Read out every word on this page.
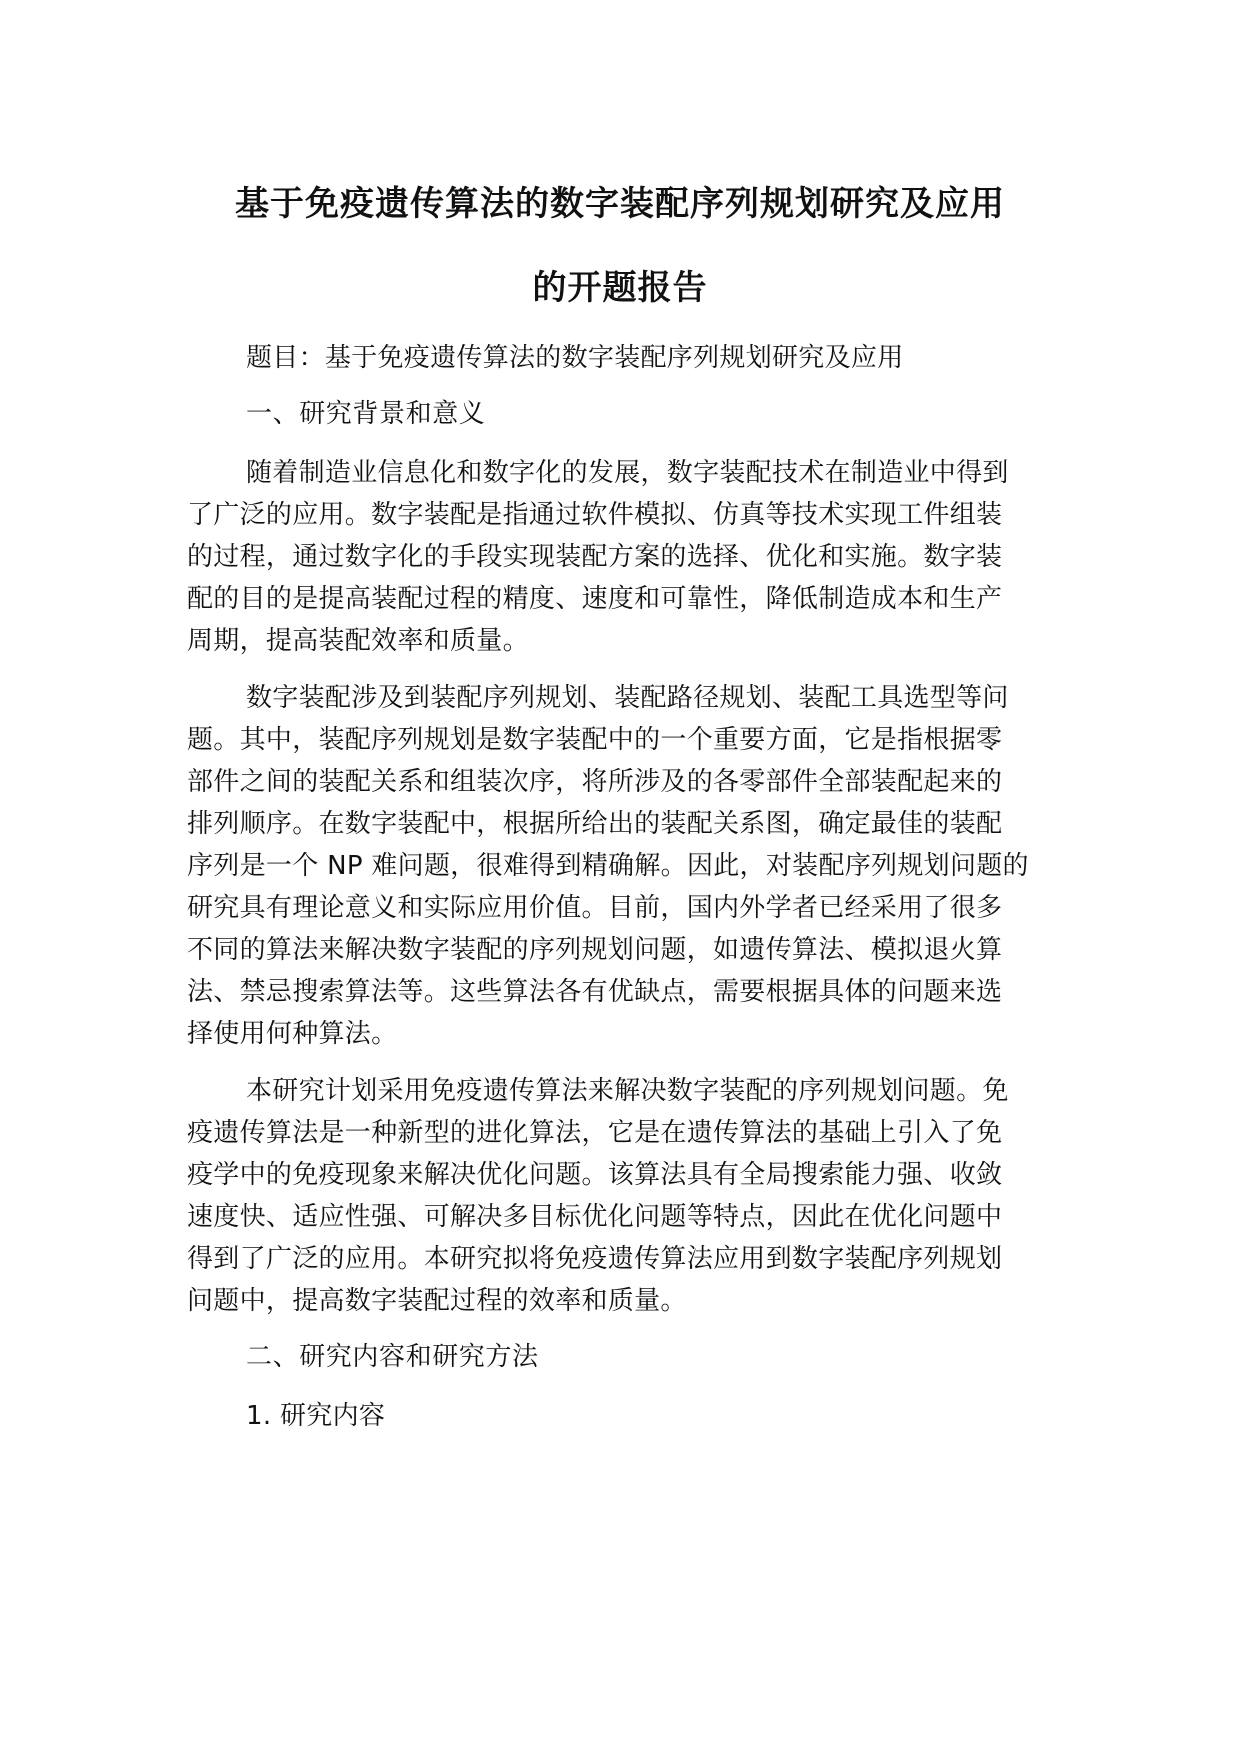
基于免疫遗传算法的数字装配序列规划研究及应用
的开题报告
题目：基于免疫遗传算法的数字装配序列规划研究及应用
一、研究背景和意义
随着制造业信息化和数字化的发展，数字装配技术在制造业中得到
了广泛的应用。数字装配是指通过软件模拟、仿真等技术实现工件组装
的过程，通过数字化的手段实现装配方案的选择、优化和实施。数字装
配的目的是提高装配过程的精度、速度和可靠性，降低制造成本和生产
周期，提高装配效率和质量。
数字装配涉及到装配序列规划、装配路径规划、装配工具选型等问
题。其中，装配序列规划是数字装配中的一个重要方面，它是指根据零
部件之间的装配关系和组装次序，将所涉及的各零部件全部装配起来的
排列顺序。在数字装配中，根据所给出的装配关系图，确定最佳的装配
序列是一个 NP 难问题，很难得到精确解。因此，对装配序列规划问题的
研究具有理论意义和实际应用价值。目前，国内外学者已经采用了很多
不同的算法来解决数字装配的序列规划问题，如遗传算法、模拟退火算
法、禁忌搜索算法等。这些算法各有优缺点，需要根据具体的问题来选
择使用何种算法。
本研究计划采用免疫遗传算法来解决数字装配的序列规划问题。免
疫遗传算法是一种新型的进化算法，它是在遗传算法的基础上引入了免
疫学中的免疫现象来解决优化问题。该算法具有全局搜索能力强、收敛
速度快、适应性强、可解决多目标优化问题等特点，因此在优化问题中
得到了广泛的应用。本研究拟将免疫遗传算法应用到数字装配序列规划
问题中，提高数字装配过程的效率和质量。
二、研究内容和研究方法
1. 研究内容
